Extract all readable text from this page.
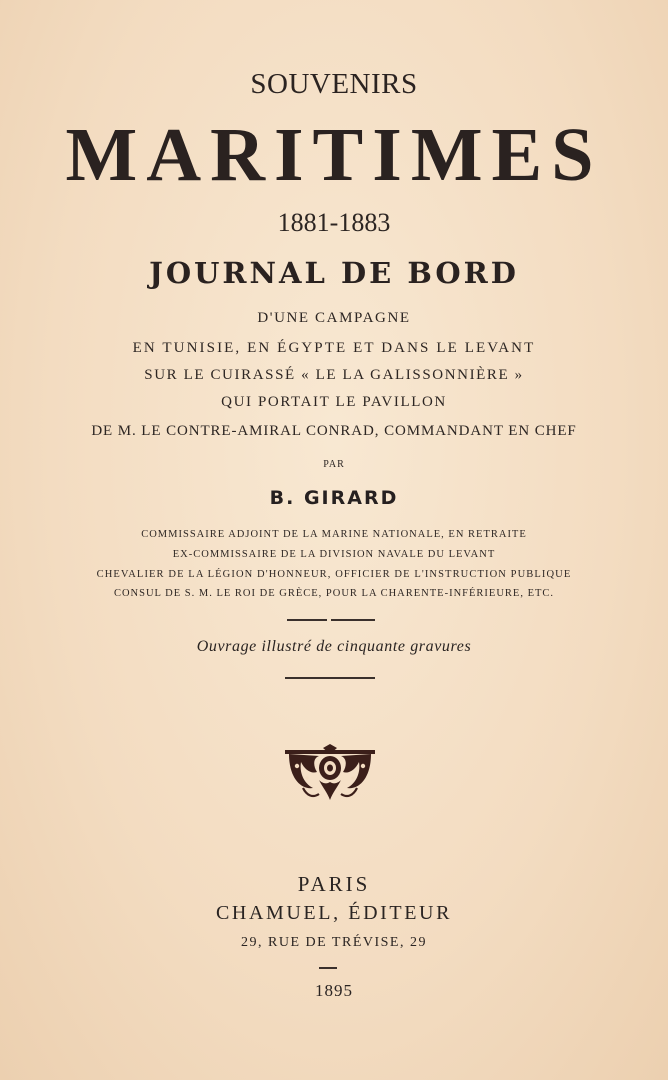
SOUVENIRS
MARITIMES
1881-1883
JOURNAL DE BORD
D'UNE CAMPAGNE
EN TUNISIE, EN ÉGYPTE ET DANS LE LEVANT
SUR LE CUIRASSÉ « LE LA GALISSONNIÈRE »
QUI PORTAIT LE PAVILLON
DE M. LE CONTRE-AMIRAL CONRAD, COMMANDANT EN CHEF
PAR
B. GIRARD
COMMISSAIRE ADJOINT DE LA MARINE NATIONALE, EN RETRAITE
EX-COMMISSAIRE DE LA DIVISION NAVALE DU LEVANT
CHEVALIER DE LA LÉGION D'HONNEUR, OFFICIER DE L'INSTRUCTION PUBLIQUE
CONSUL DE S. M. LE ROI DE GRÈCE, POUR LA CHARENTE-INFÉRIEURE, ETC.
Ouvrage illustré de cinquante gravures
PARIS
CHAMUEL, ÉDITEUR
29, RUE DE TRÉVISE, 29
1895
